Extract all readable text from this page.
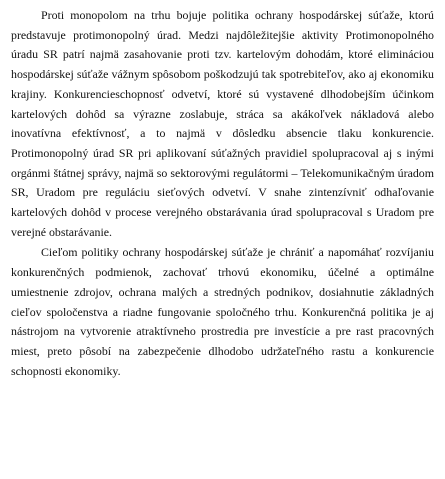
Proti monopolom na trhu bojuje politika ochrany hospodárskej súťaže, ktorú predstavuje protimonopolný úrad. Medzi najdôležitejšie aktivity Protimonopolného úradu SR patrí najmä zasahovanie proti tzv. kartelovým dohodám, ktoré elimináciou hospodárskej súťaže vážnym spôsobom poškodzujú tak spotrebiteľov, ako aj ekonomiku krajiny. Konkurencieschopnosť odvetví, ktoré sú vystavené dlhodobejším účinkom kartelových dohôd sa výrazne zoslabuje, stráca sa akákoľvek nákladová alebo inovatívna efektívnosť, a to najmä v dôsledku absencie tlaku konkurencie. Protimonopolný úrad SR pri aplikovaní súťažných pravidiel spolupracoval aj s inými orgánmi štátnej správy, najmä so sektorovými regulátormi – Telekomunikačným úradom SR, Uradom pre reguláciu sieťových odvetví. V snahe zintenzívniť odhaľovanie kartelových dohôd v procese verejného obstarávania úrad spolupracoval s Uradom pre verejné obstarávanie.

Cieľom politiky ochrany hospodárskej súťaže je chrániť a napomáhať rozvíjaniu konkurenčných podmienok, zachovať trhovú ekonomiku, účelné a optimálne umiestnenie zdrojov, ochrana malých a stredných podnikov, dosiahnutie základných cieľov spoločenstva a riadne fungovanie spoločného trhu. Konkurenčná politika je aj nástrojom na vytvorenie atraktívneho prostredia pre investície a pre rast pracovných miest, preto pôsobí na zabezpečenie dlhodobo udržateľného rastu a konkurencie schopnosti ekonomiky.
